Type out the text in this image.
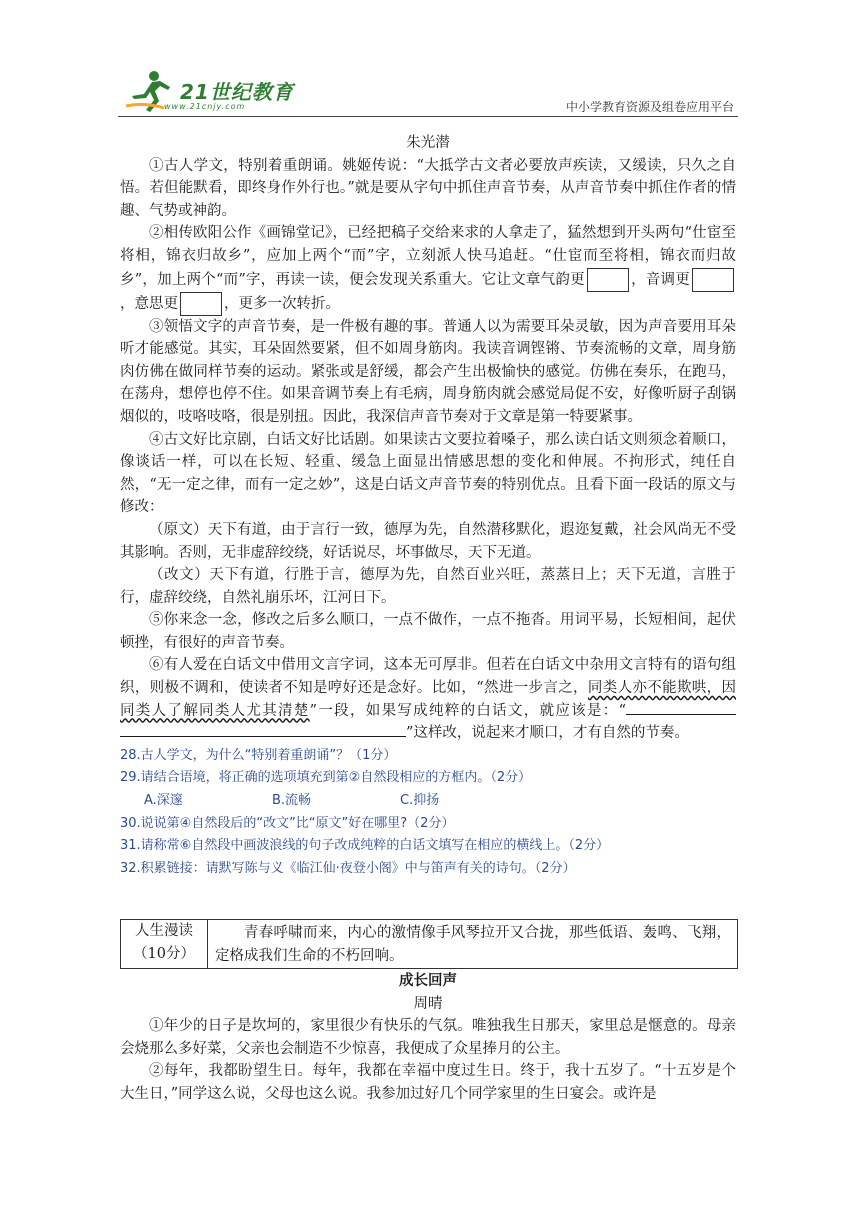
21世纪教育
www.21cnjy.com	中小学教育资源及组卷应用平台

朱光潜

①古人学文，特别着重朗诵。姚姬传说：“大抵学古文者必要放声疾读，又缓读，只久之自悟。若但能默看，即终身作外行也。”就是要从字句中抓住声音节奏，从声音节奏中抓住作者的情趣、气势或神韵。

②相传欧阳公作《画锦堂记》，已经把稿子交给来求的人拿走了，猛然想到开头两句“仕宦至将相，锦衣归故乡”，应加上两个“而”字，立刻派人快马追赶。“仕宦而至将相，锦衣而归故乡”，加上两个“而”字，再读一读，便会发现关系重大。它让文章气韵更	，音调更，意思更	，更多一次转折。

③领悟文字的声音节奏，是一件极有趣的事。普通人以为需要耳朵灵敏，因为声音要用耳朵听才能感觉。其实，耳朵固然要紧，但不如周身筋肉。我读音调铿锵、节奏流畅的文章，周身筋肉仿佛在做同样节奏的运动。紧张或是舒缓，都会产生出极愉快的感觉。仿佛在奏乐，在跑马，在荡舟，想停也停不住。如果音调节奏上有毛病，周身筋肉就会感觉局促不安，好像听厨子刮锅烟似的，吱咯吱咯，很是别扭。因此，我深信声音节奏对于文章是第一特要紧事。

④古文好比京剧，白话文好比话剧。如果读古文要拉着嗓子，那么读白话文则须念着顺口，像谈话一样，可以在长短、轻重、缓急上面显出情感思想的变化和伸展。不拘形式，纯任自然，“无一定之律，而有一定之妙”，这是白话文声音节奏的特别优点。且看下面一段话的原文与修改：

（原文）天下有道，由于言行一致，德厚为先，自然潜移默化，遐迩复戴，社会风尚无不受其影响。否则，无非虚辞绞绕，好话说尽，坏事做尽，天下无道。

（改文）天下有道，行胜于言，德厚为先，自然百业兴旺，蒸蒸日上；天下无道，言胜于行，虚辞绞绕，自然礼崩乐坏，江河日下。

⑤你来念一念，修改之后多么顺口，一点不做作，一点不拖沓。用词平易，长短相间，起伏顿挫，有很好的声音节奏。

⑥有人爱在白话文中借用文言字词，这本无可厚非。但若在白话文中杂用文言特有的语句组织，则极不调和，使读者不知是哼好还是念好。比如，“然进一步言之，同类人亦不能欺哄，因同类人了解同类人尤其清楚”一段，如果写成纯粹的白话文，就应该是：“”这样改，说起来才顺口，才有自然的节奏。

28.古人学文，为什么“特别着重朗诵”？（1分）

29.请结合语境，将正确的选项填充到第②自然段相应的方框内。（2分）

A.深邃	B.流畅	C.抑扬

30.说说第④自然段后的“改文”比“原文”好在哪里?（2分）

31.请称常⑥自然段中画波浪线的句子改成纯粹的白话文填写在相应的横线上。（2分）

32.积累链接：请默写陈与义《临江仙·夜登小阁》中与笛声有关的诗句。（2分）

人生漫读
（10分）
青春呼啸而来，内心的激情像手风琴拉开又合拢，那些低语、轰鸣、飞翔，定格成我们生命的不朽回响。

成长回声

周晴

①年少的日子是坎坷的，家里很少有快乐的气氛。唯独我生日那天，家里总是惬意的。母亲会烧那么多好菜，父亲也会制造不少惊喜，我便成了众星捧月的公主。

②每年，我都盼望生日。每年，我都在幸福中度过生日。终于，我十五岁了。“十五岁是个大生日，”同学这么说，父母也这么说。我参加过好几个同学家里的生日宴会。或许是
